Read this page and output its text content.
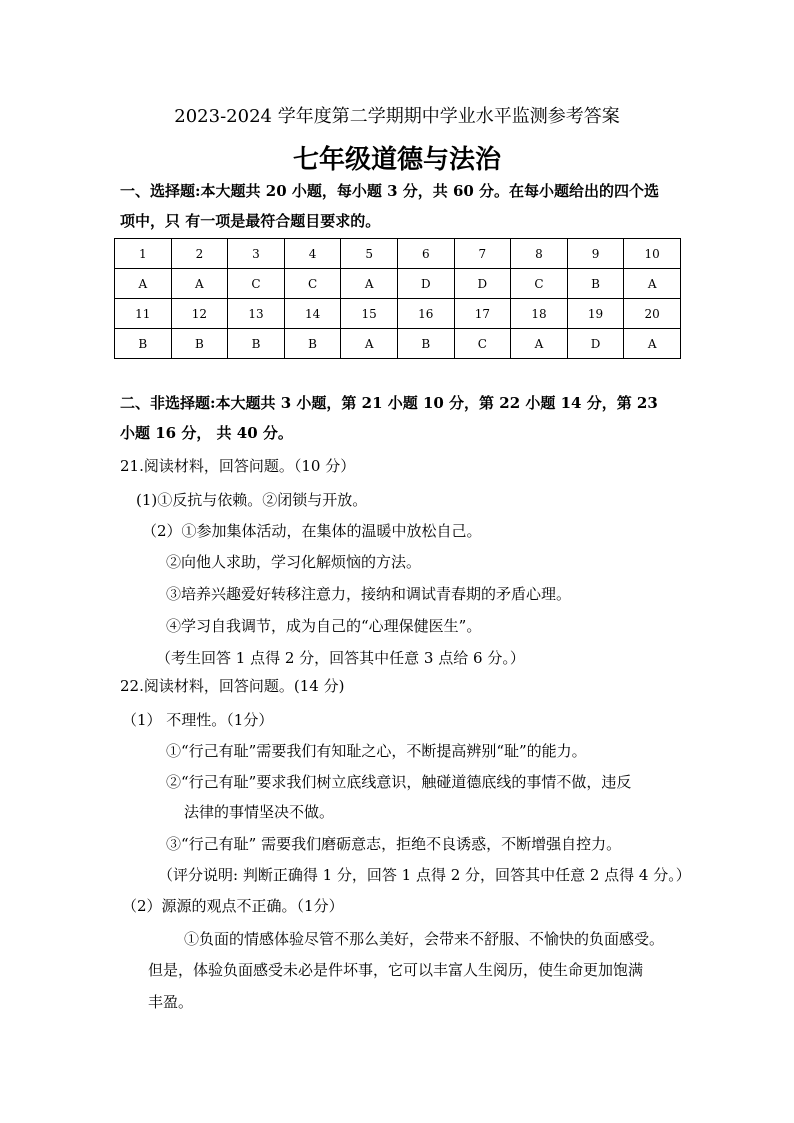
2023-2024 学年度第二学期期中学业水平监测参考答案
七年级道德与法治
一、选择题:本大题共 20 小题，每小题 3 分，共 60 分。在每小题给出的四个选
项中，只 有一项是最符合题目要求的。
1	2	3	4	5	6	7	8	9	10
A	A	C	C	A	D	D	C	B	A
11	12	13	14	15	16	17	18	19	20
B	B	B	B	A	B	C	A	D	A
二、非选择题:本大题共 3 小题，第 21 小题 10 分，第 22 小题 14 分，第 23
小题 16 分， 共 40 分。
21.阅读材料，回答问题。（10 分）
(1)①反抗与依赖。②闭锁与开放。
（2）①参加集体活动，在集体的温暖中放松自己。
②向他人求助，学习化解烦恼的方法。
③培养兴趣爱好转移注意力，接纳和调试青春期的矛盾心理。
④学习自我调节，成为自己的“心理保健医生”。
（考生回答 1 点得 2 分，回答其中任意 3 点给 6 分。）
22.阅读材料，回答问题。(14 分)
（1） 不理性。（1分）
①“行己有耻”需要我们有知耻之心，不断提高辨别“耻”的能力。
②“行己有耻”要求我们树立底线意识，触碰道德底线的事情不做，违反
法律的事情坚决不做。
③“行己有耻” 需要我们磨砺意志，拒绝不良诱惑，不断增强自控力。
（评分说明: 判断正确得 1 分，回答 1 点得 2 分，回答其中任意 2 点得 4 分。）
（2）源源的观点不正确。（1分）
①负面的情感体验尽管不那么美好，会带来不舒服、不愉快的负面感受。
但是，体验负面感受未必是件坏事，它可以丰富人生阅历，使生命更加饱满
丰盈。
